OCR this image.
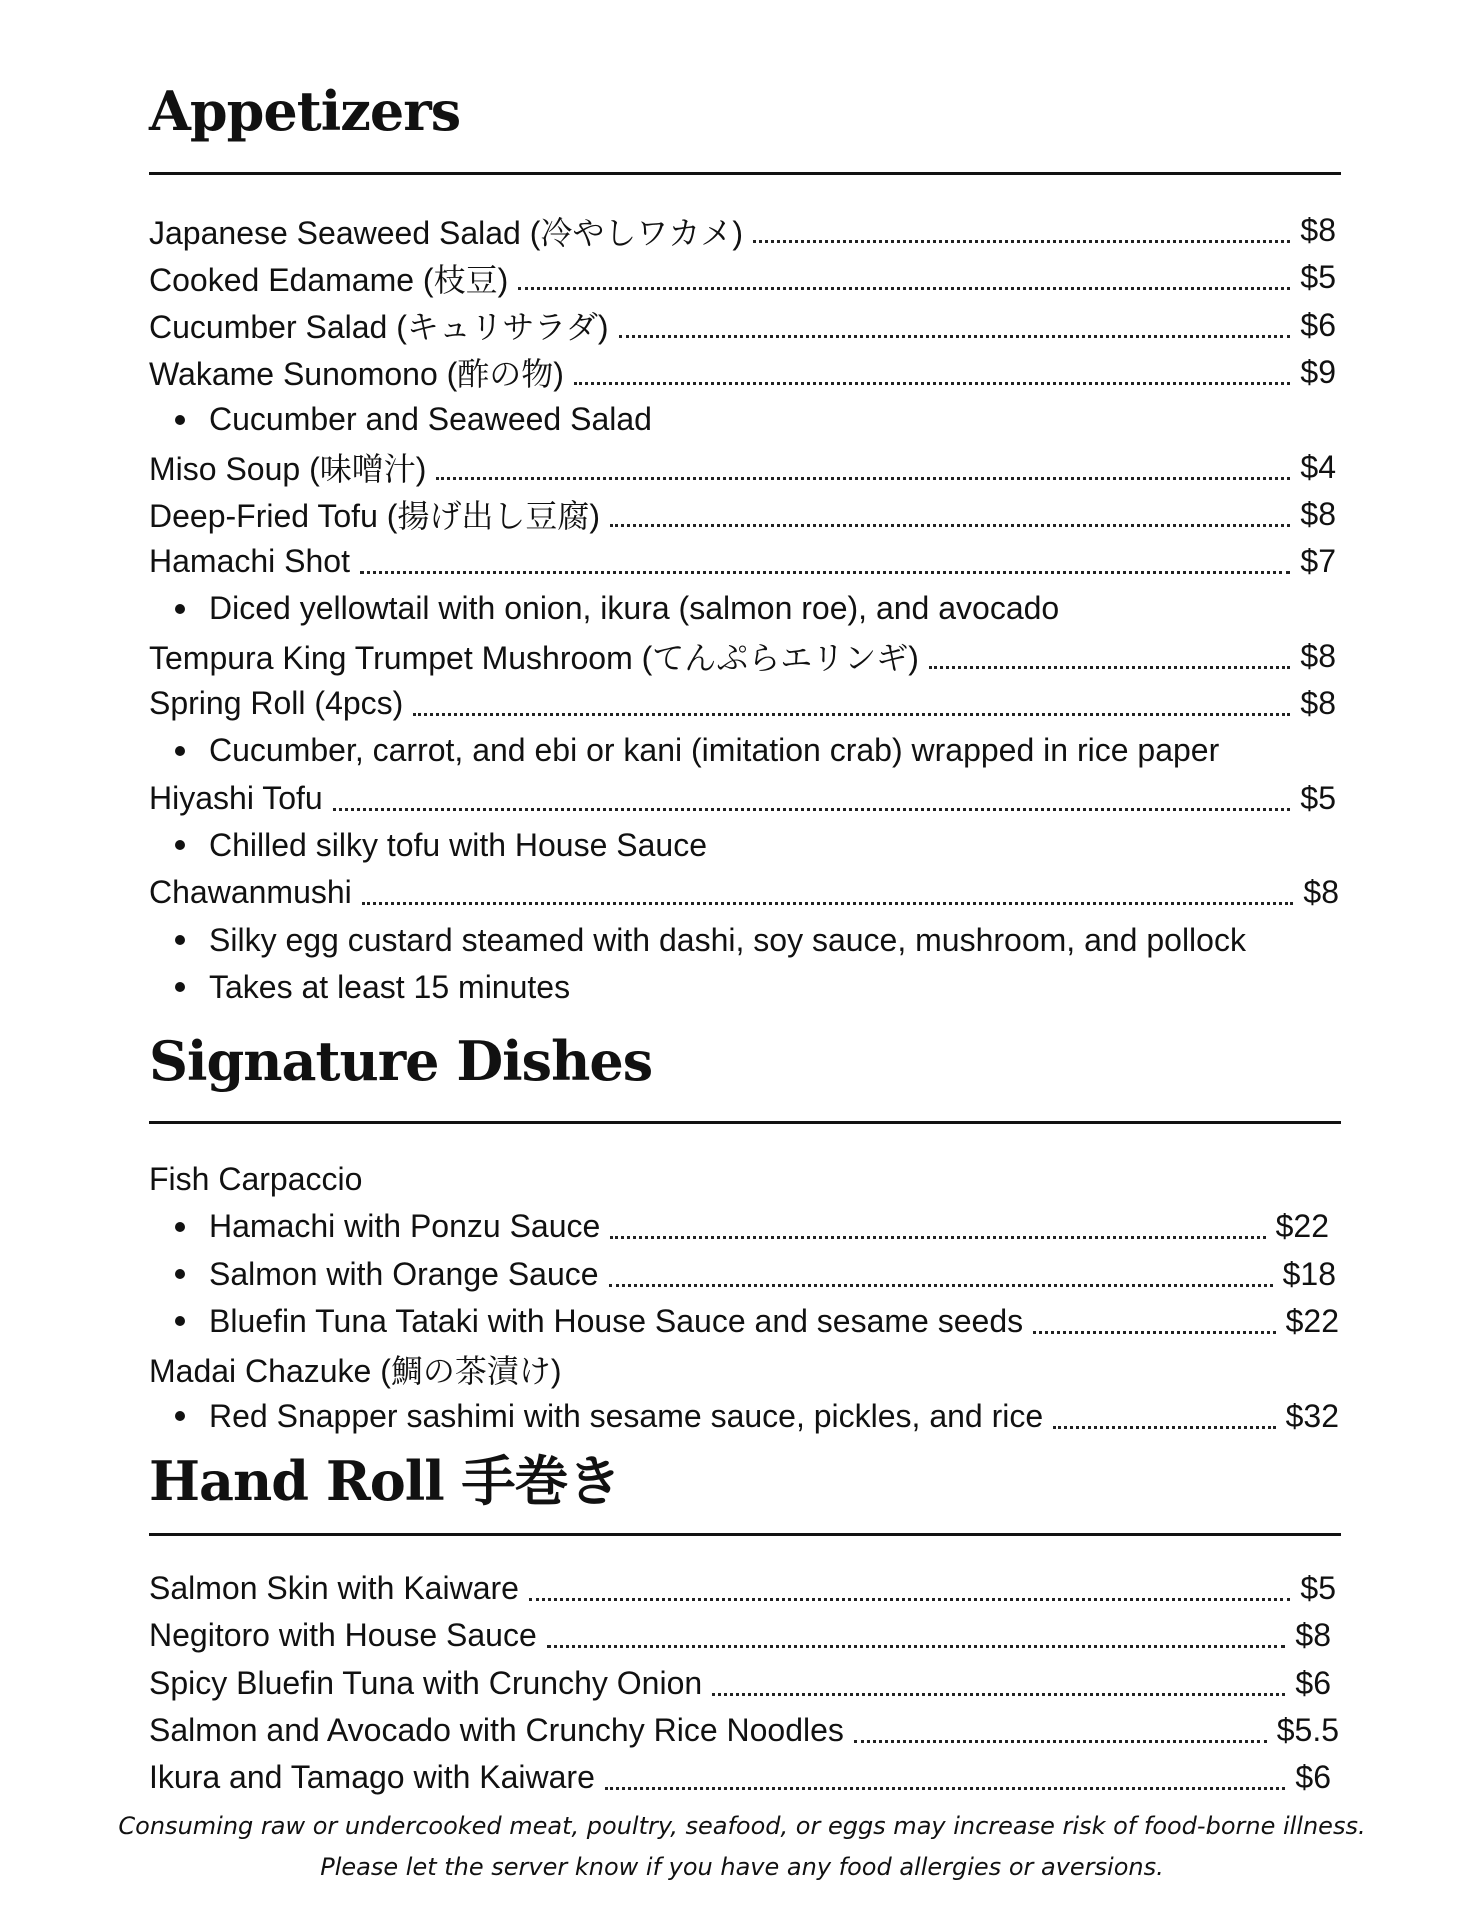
Appetizers
Japanese Seaweed Salad (冷やしワカメ)	$8
Cooked Edamame (枝豆)	$5
Cucumber Salad (キュリサラダ)	$6
Wakame Sunomono (酢の物)	$9
Cucumber and Seaweed Salad
Miso Soup (味噌汁)	$4
Deep-Fried Tofu (揚げ出し豆腐)	$8
Hamachi Shot	$7
Diced yellowtail with onion, ikura (salmon roe), and avocado
Tempura King Trumpet Mushroom (てんぷらエリンギ)	$8
Spring Roll (4pcs)	$8
Cucumber, carrot, and ebi or kani (imitation crab) wrapped in rice paper
Hiyashi Tofu	$5
Chilled silky tofu with House Sauce
Chawanmushi	$8
Silky egg custard steamed with dashi, soy sauce, mushroom, and pollock
Takes at least 15 minutes
Signature Dishes
Fish Carpaccio
Hamachi with Ponzu Sauce	$22
Salmon with Orange Sauce	$18
Bluefin Tuna Tataki with House Sauce and sesame seeds	$22
Madai Chazuke (鯛の茶漬け)
Red Snapper sashimi with sesame sauce, pickles, and rice	$32
Hand Roll 手巻き
Salmon Skin with Kaiware	$5
Negitoro with House Sauce	$8
Spicy Bluefin Tuna with Crunchy Onion	$6
Salmon and Avocado with Crunchy Rice Noodles	$5.5
Ikura and Tamago with Kaiware	$6
Consuming raw or undercooked meat, poultry, seafood, or eggs may increase risk of food-borne illness.
Please let the server know if you have any food allergies or aversions.
